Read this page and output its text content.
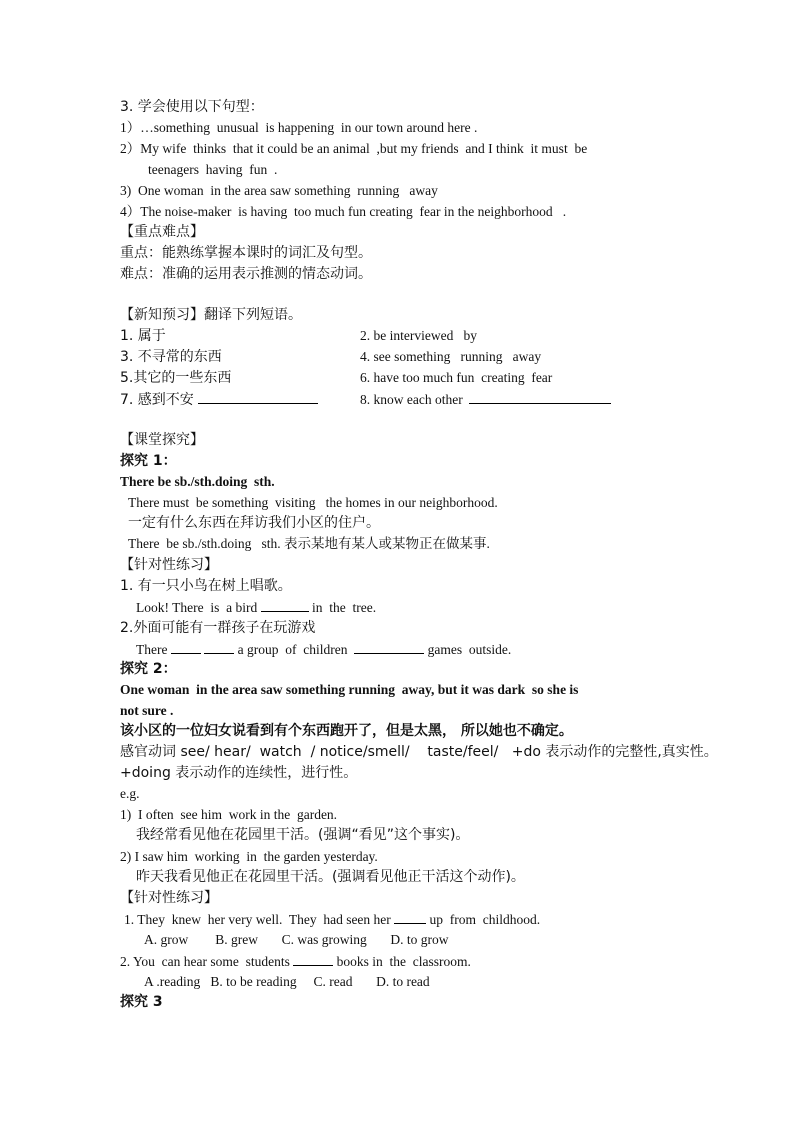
3. 学会使用以下句型：
1）…something  unusual  is happening  in our town around here .
2）My wife  thinks  that it could be an animal  ,but my friends  and I think  it must  be
teenagers  having  fun  .
3)  One woman  in the area saw something  running   away
4）The noise-maker  is having  too much fun creating  fear in the neighborhood   .
【重点难点】
重点：能熟练掌握本课时的词汇及句型。
难点：准确的运用表示推测的情态动词。
【新知预习】翻译下列短语。
1. 属于	2. be interviewed   by
3. 不寻常的东西	4. see something   running   away
5.其它的一些东西	6. have too much fun  creating  fear
7. 感到不安	8. know each other
【课堂探究】
探究 1：
There be sb./sth.doing  sth.
There must  be something  visiting   the homes in our neighborhood.
一定有什么东西在拜访我们小区的住户。
There  be sb./sth.doing   sth. 表示某地有某人或某物正在做某事.
【针对性练习】
1. 有一只小鸟在树上唱歌。
Look! There  is  a bird	in  the  tree.
2.外面可能有一群孩子在玩游戏
There	a group  of  children	games  outside.
探究 2：
One woman  in the area saw something running  away, but it was dark  so she is
not sure .
该小区的一位妇女说看到有个东西跑开了，但是太黑， 所以她也不确定。
感官动词 see/ hear/  watch  / notice/smell/    taste/feel/   +do 表示动作的完整性,真实性。
+doing 表示动作的连续性，进行性。
e.g.
1)  I often  see him  work in the  garden.
我经常看见他在花园里干活。(强调“看见”这个事实)。
2) I saw him  working  in  the garden yesterday.
昨天我看见他正在花园里干活。(强调看见他正干活这个动作)。
【针对性练习】
1. They  knew  her very well.  They  had seen her	up  from  childhood.
A. grow        B. grew       C. was growing       D. to grow
2. You  can hear some  students	books in  the  classroom.
A .reading   B. to be reading     C. read       D. to read
探究 3
